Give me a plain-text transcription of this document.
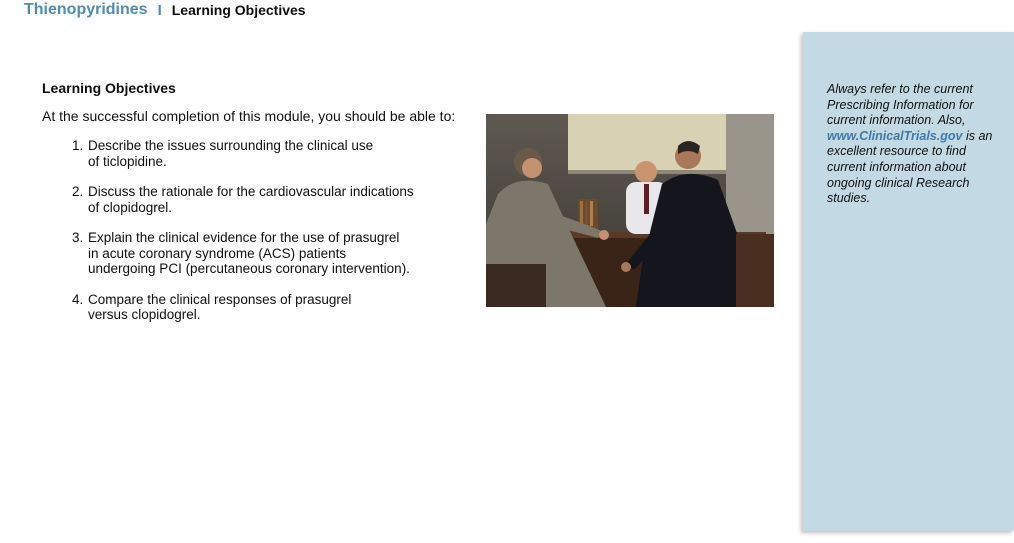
Thienopyridines I Learning Objectives
Learning Objectives
At the successful completion of this module, you should be able to:
1. Describe the issues surrounding the clinical use
of ticlopidine.
2. Discuss the rationale for the cardiovascular indications
of clopidogrel.
3. Explain the clinical evidence for the use of prasugrel
in acute coronary syndrome (ACS) patients
undergoing PCI (percutaneous coronary intervention).
4. Compare the clinical responses of prasugrel
versus clopidogrel.
Always refer to the current Prescribing Information for current information. Also, www.ClinicalTrials.gov is an excellent resource to find current information about ongoing clinical Research studies.
